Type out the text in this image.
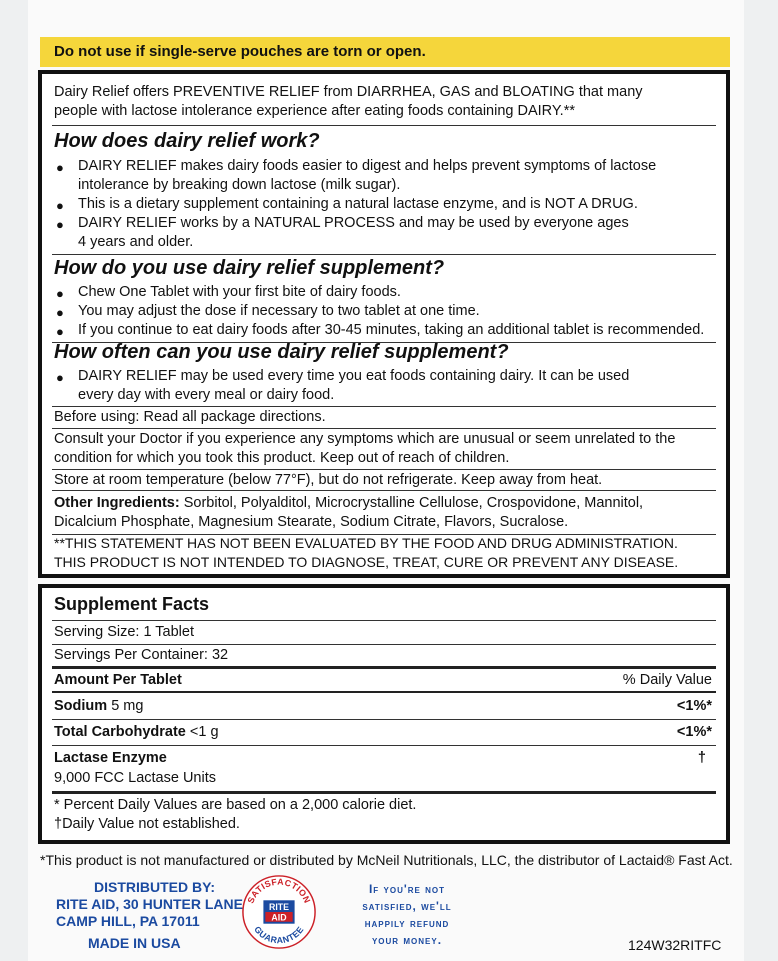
Do not use if single-serve pouches are torn or open.
Dairy Relief offers PREVENTIVE RELIEF from DIARRHEA, GAS and BLOATING that many
people with lactose intolerance experience after eating foods containing DAIRY.**
How does dairy relief work?
● DAIRY RELIEF makes dairy foods easier to digest and helps prevent symptoms of lactose
intolerance by breaking down lactose (milk sugar).
● This is a dietary supplement containing a natural lactase enzyme, and is NOT A DRUG.
● DAIRY RELIEF works by a NATURAL PROCESS and may be used by everyone ages
4 years and older.
How do you use dairy relief supplement?
● Chew One Tablet with your first bite of dairy foods.
● You may adjust the dose if necessary to two tablet at one time.
● If you continue to eat dairy foods after 30-45 minutes, taking an additional tablet is recommended.
How often can you use dairy relief supplement?
● DAIRY RELIEF may be used every time you eat foods containing dairy. It can be used
every day with every meal or dairy food.
Before using: Read all package directions.
Consult your Doctor if you experience any symptoms which are unusual or seem unrelated to the
condition for which you took this product. Keep out of reach of children.
Store at room temperature (below 77°F), but do not refrigerate. Keep away from heat.
Other Ingredients: Sorbitol, Polyalditol, Microcrystalline Cellulose, Crospovidone, Mannitol,
Dicalcium Phosphate, Magnesium Stearate, Sodium Citrate, Flavors, Sucralose.
**THIS STATEMENT HAS NOT BEEN EVALUATED BY THE FOOD AND DRUG ADMINISTRATION.
THIS PRODUCT IS NOT INTENDED TO DIAGNOSE, TREAT, CURE OR PREVENT ANY DISEASE.
Supplement Facts
Serving Size: 1 Tablet
Servings Per Container: 32
Amount Per Tablet	% Daily Value
Sodium 5 mg	<1%*
Total Carbohydrate <1 g	<1%*
Lactase Enzyme	†
9,000 FCC Lactase Units
* Percent Daily Values are based on a 2,000 calorie diet.
†Daily Value not established.
*This product is not manufactured or distributed by McNeil Nutritionals, LLC, the distributor of Lactaid® Fast Act.
DISTRIBUTED BY:
RITE AID, 30 HUNTER LANE
CAMP HILL, PA 17011
MADE IN USA
SATISFACTION
GUARANTEE
RITE
AID
If you're not
satisfied, we'll
happily refund
your money.	124W32RITFC
